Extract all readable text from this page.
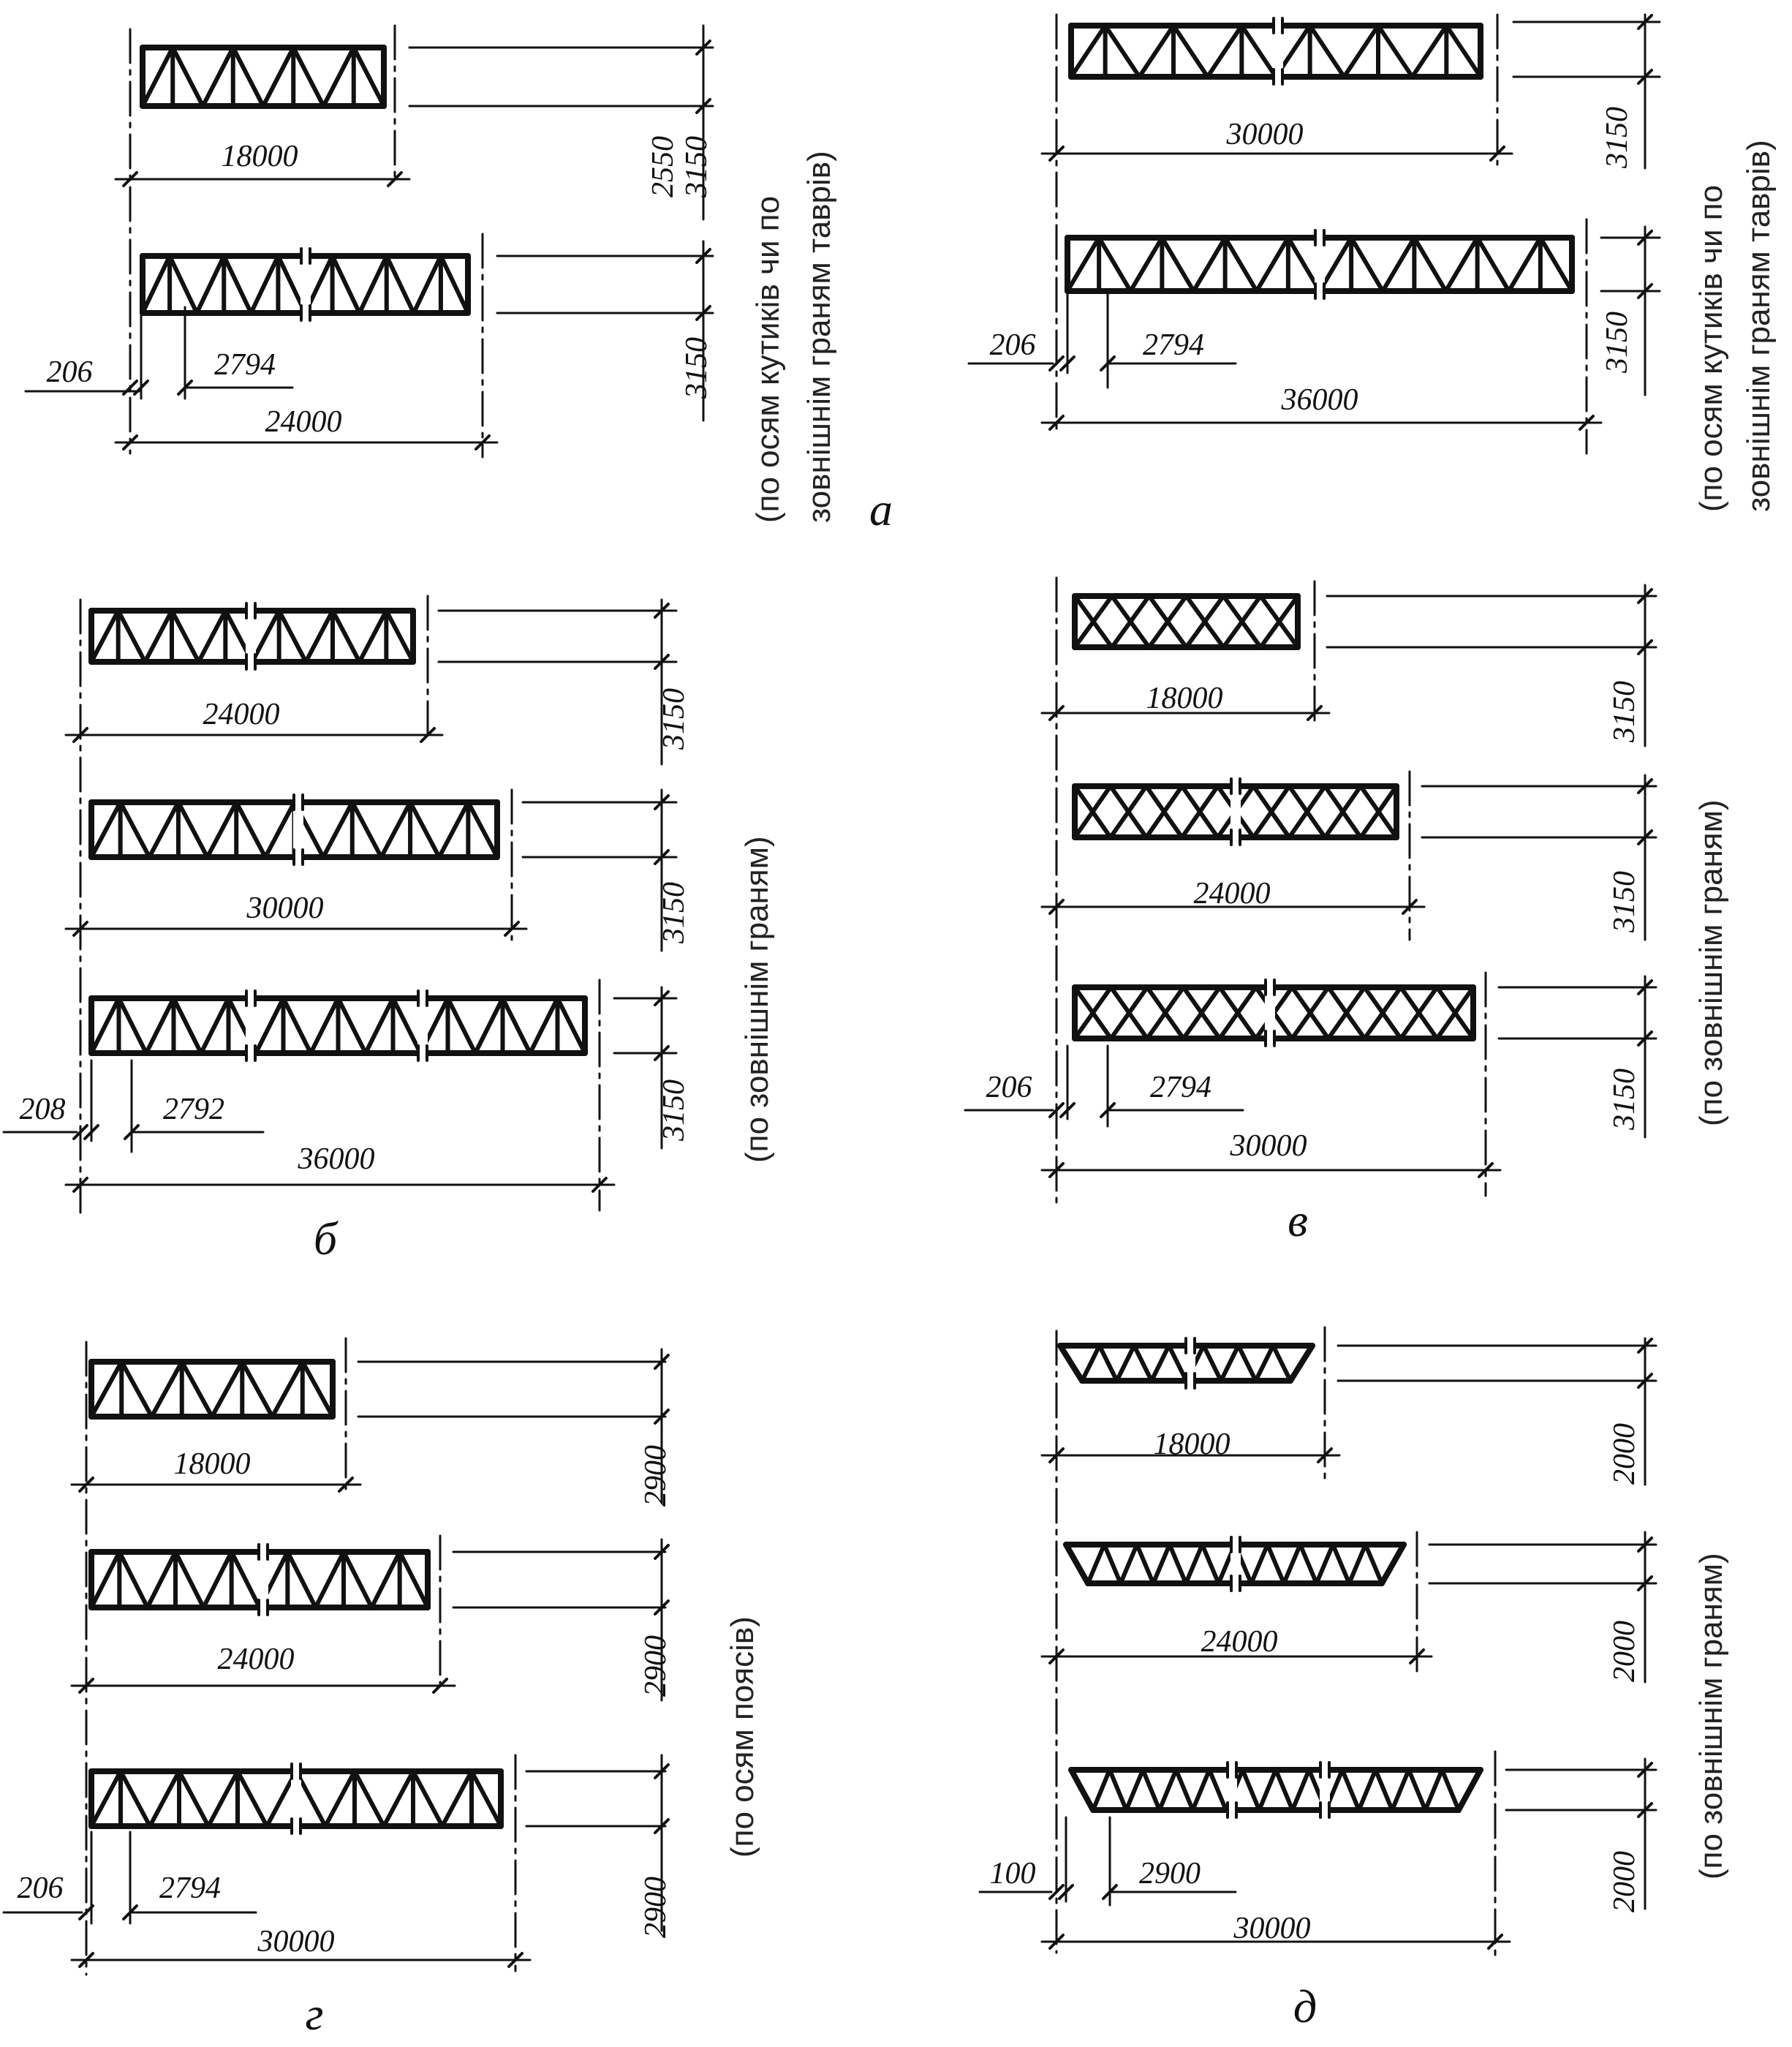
18000	2550 3150
206	2794
24000
3150 (по осям кутиків чи по зовнішнім граням таврів) а
30000	3150
206	2794
36000
3150 (по осям кутиків чи по зовнішнім граням таврів)
24000	3150
30000	3150
208	2792
36000
3150 (по зовнішнім граням)
б
18000	3150
24000	3150
206	2794
30000
3150 (по зовнішнім граням)
в
18000	2900
24000	2900
206	2794
30000
2900
(по осям поясів)
г
18000	2000
24000	2000
100	2900
30000
2000
(по зовнішнім граням)
д
